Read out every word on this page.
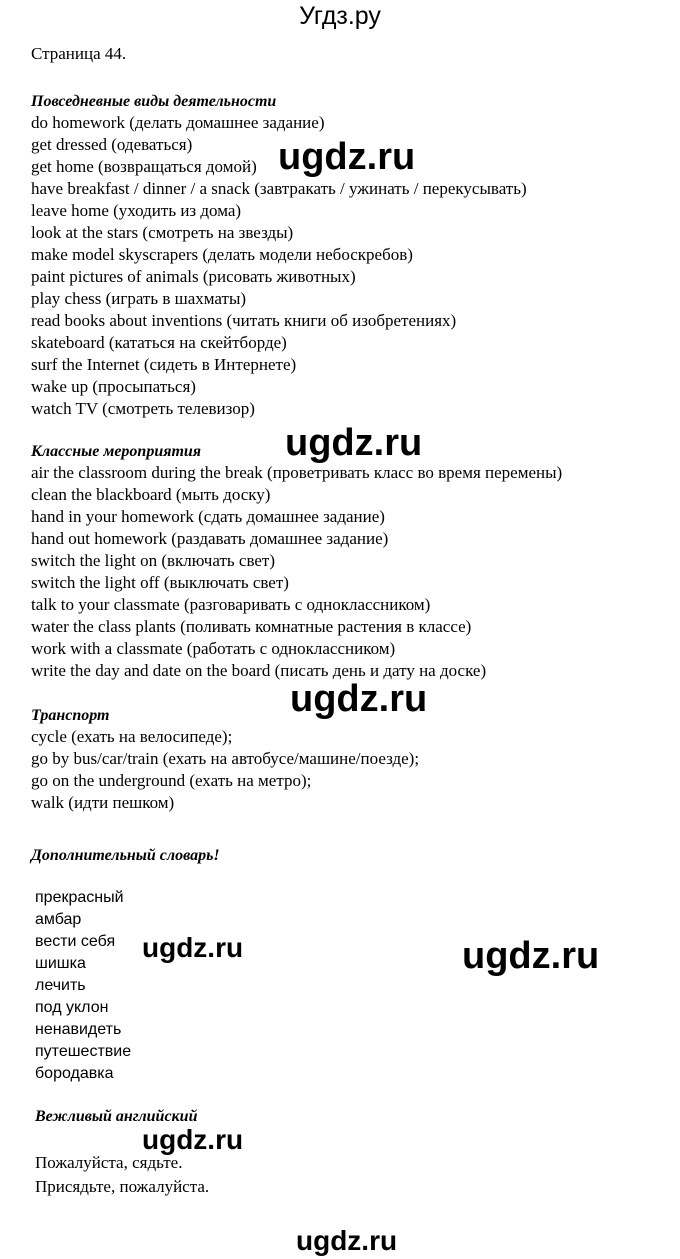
Угдз.ру
Страница 44.
Повседневные виды деятельности
do homework (делать домашнее задание)
get dressed (одеваться)
get home (возвращаться домой)
have breakfast / dinner / a snack (завтракать / ужинать / перекусывать)
leave home (уходить из дома)
look at the stars (смотреть на звезды)
make model skyscrapers (делать модели небоскребов)
paint pictures of animals (рисовать животных)
play chess (играть в шахматы)
read books about inventions (читать книги об изобретениях)
skateboard (кататься на скейтборде)
surf the Internet (сидеть в Интернете)
wake up (просыпаться)
watch TV (смотреть телевизор)
Классные мероприятия
air the classroom during the break (проветривать класс во время перемены)
clean the blackboard (мыть доску)
hand in your homework (сдать домашнее задание)
hand out homework (раздавать домашнее задание)
switch the light on (включать свет)
switch the light off (выключать свет)
talk to your classmate (разговаривать с одноклассником)
water the class plants (поливать комнатные растения в классе)
work with a classmate (работать с одноклассником)
write the day and date on the board (писать день и дату на доске)
Транспорт
cycle (ехать на велосипеде);
go by bus/car/train (ехать на автобусе/машине/поезде);
go on the underground (ехать на метро);
walk (идти пешком)
Дополнительный словарь!
прекрасный
амбар
вести себя
шишка
лечить
под уклон
ненавидеть
путешествие
бородавка
Вежливый английский
Пожалуйста, сядьте.
Присядьте, пожалуйста.
ugdz.ru
ugdz.ru
ugdz.ru
ugdz.ru	ugdz.ru
ugdz.ru
ugdz.ru
